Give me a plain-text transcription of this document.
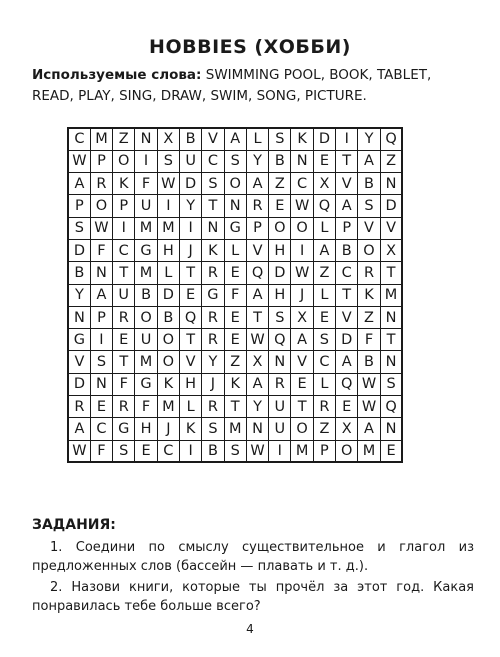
HOBBIES (ХОББИ)
Используемые слова: SWIMMING POOL, BOOK, TABLET, READ, PLAY, SING, DRAW, SWIM, SONG, PICTURE.
C	M	Z	N	X	B	V	A	L	S	K	D	I	Y	Q
W	P	O	I	S	U	C	S	Y	B	N	E	T	A	Z
A	R	K	F	W	D	S	O	A	Z	C	X	V	B	N
P	O	P	U	I	Y	T	N	R	E	W	Q	A	S	D
S	W	I	M	M	I	N	G	P	O	O	L	P	V	V
D	F	C	G	H	J	K	L	V	H	I	A	B	O	X
B	N	T	M	L	T	R	E	Q	D	W	Z	C	R	T
Y	A	U	B	D	E	G	F	A	H	J	L	T	K	M
N	P	R	O	B	Q	R	E	T	S	X	E	V	Z	N
G	I	E	U	O	T	R	E	W	Q	A	S	D	F	T
V	S	T	M	O	V	Y	Z	X	N	V	C	A	B	N
D	N	F	G	K	H	J	K	A	R	E	L	Q	W	S
R	E	R	F	M	L	R	T	Y	U	T	R	E	W	Q
A	C	G	H	J	K	S	M	N	U	O	Z	X	A	N
W	F	S	E	C	I	B	S	W	I	M	P	O	M	E
ЗАДАНИЯ:
1. Соедини по смыслу существительное и глагол из предложенных слов (бассейн — плавать и т. д.).
2. Назови книги, которые ты прочёл за этот год. Какая понравилась тебе больше всего?
4
